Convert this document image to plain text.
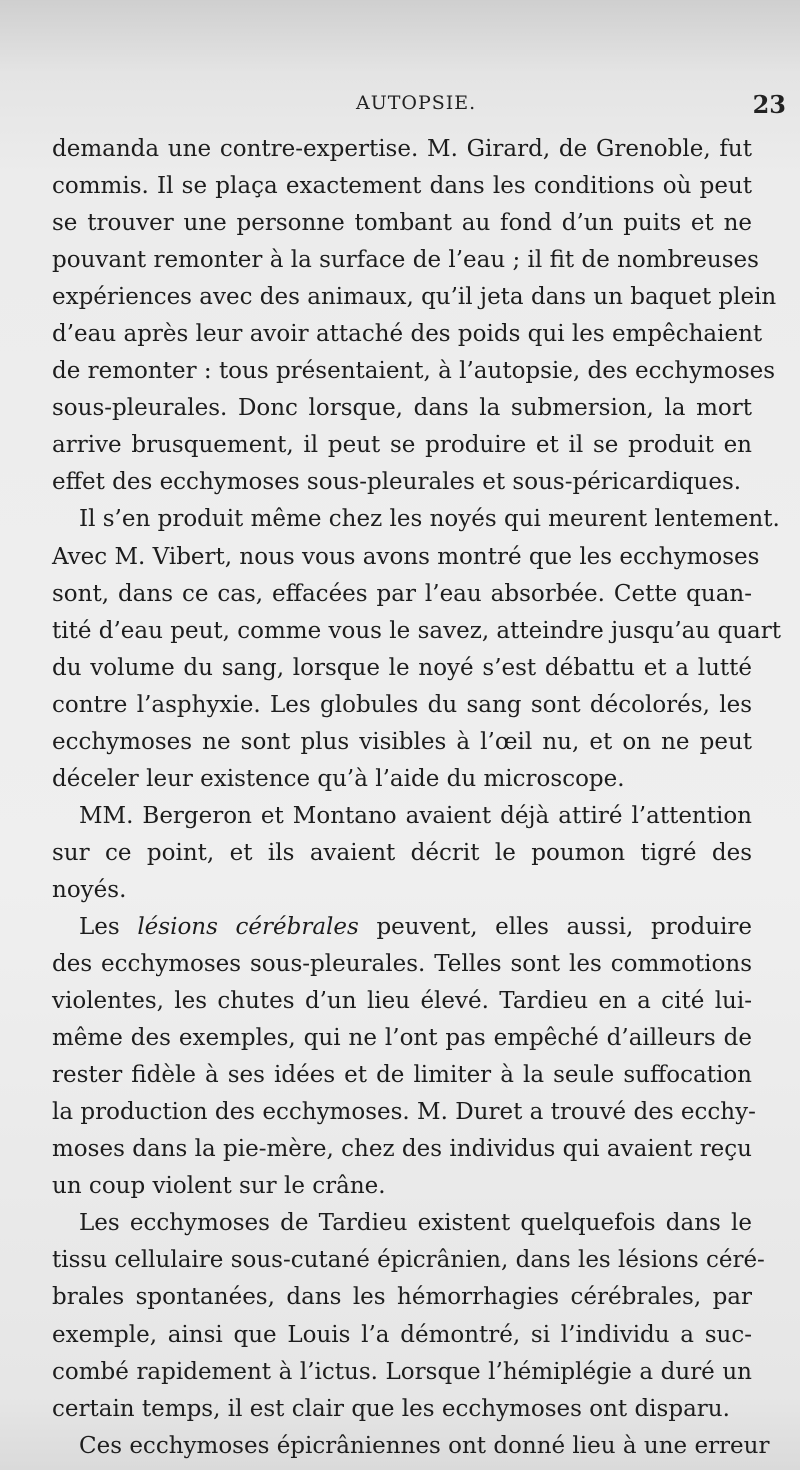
AUTOPSIE.	23
demanda une contre-expertise. M. Girard, de Grenoble, fut
commis. Il se plaça exactement dans les conditions où peut
se trouver une personne tombant au fond d’un puits et ne
pouvant remonter à la surface de l’eau ; il fit de nombreuses
expériences avec des animaux, qu’il jeta dans un baquet plein
d’eau après leur avoir attaché des poids qui les empêchaient
de remonter : tous présentaient, à l’autopsie, des ecchymoses
sous-pleurales. Donc lorsque, dans la submersion, la mort
arrive brusquement, il peut se produire et il se produit en
effet des ecchymoses sous-pleurales et sous-péricardiques.
Il s’en produit même chez les noyés qui meurent lentement.
Avec M. Vibert, nous vous avons montré que les ecchymoses
sont, dans ce cas, effacées par l’eau absorbée. Cette quan-
tité d’eau peut, comme vous le savez, atteindre jusqu’au quart
du volume du sang, lorsque le noyé s’est débattu et a lutté
contre l’asphyxie. Les globules du sang sont décolorés, les
ecchymoses ne sont plus visibles à l’œil nu, et on ne peut
déceler leur existence qu’à l’aide du microscope.
MM. Bergeron et Montano avaient déjà attiré l’attention
sur ce point, et ils avaient décrit le poumon tigré des
noyés.
Les lésions cérébrales peuvent, elles aussi, produire
des ecchymoses sous-pleurales. Telles sont les commotions
violentes, les chutes d’un lieu élevé. Tardieu en a cité lui-
même des exemples, qui ne l’ont pas empêché d’ailleurs de
rester fidèle à ses idées et de limiter à la seule suffocation
la production des ecchymoses. M. Duret a trouvé des ecchy-
moses dans la pie-mère, chez des individus qui avaient reçu
un coup violent sur le crâne.
Les ecchymoses de Tardieu existent quelquefois dans le
tissu cellulaire sous-cutané épicrânien, dans les lésions céré-
brales spontanées, dans les hémorrhagies cérébrales, par
exemple, ainsi que Louis l’a démontré, si l’individu a suc-
combé rapidement à l’ictus. Lorsque l’hémiplégie a duré un
certain temps, il est clair que les ecchymoses ont disparu.
Ces ecchymoses épicrâniennes ont donné lieu à une erreur
